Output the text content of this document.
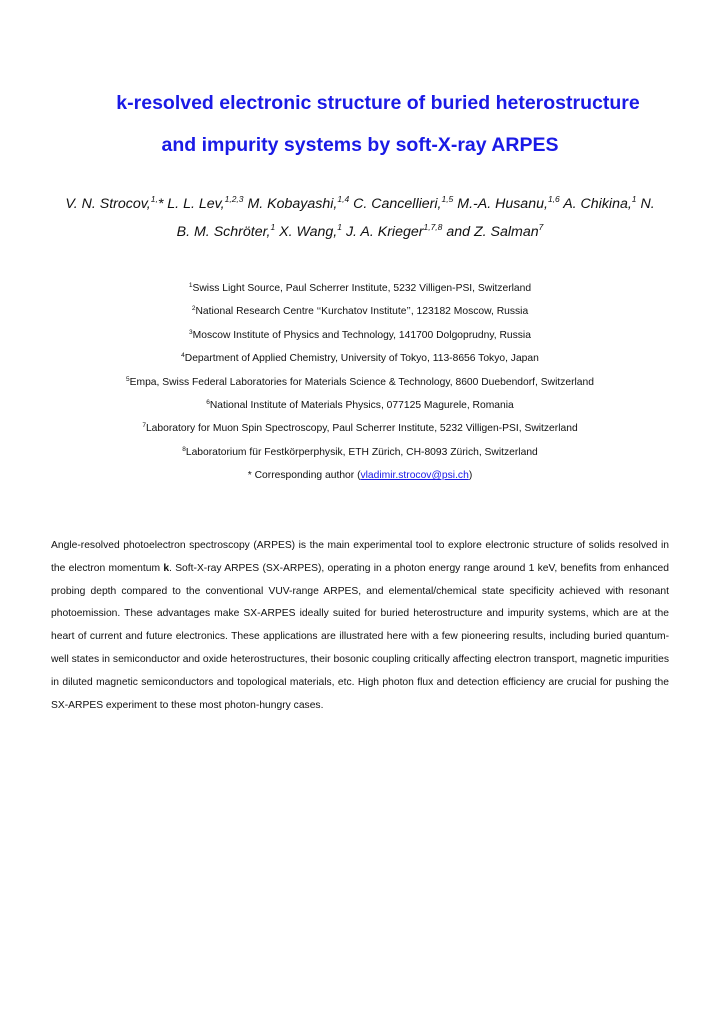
k-resolved electronic structure of buried heterostructure
and impurity systems by soft-X-ray ARPES
V. N. Strocov,$^{1,}$* L. L. Lev,$^{1,2,3}$ M. Kobayashi,$^{1,4}$ C. Cancellieri,$^{1,5}$ M.-A. Husanu,$^{1,6}$ A. Chikina,$^1$ N. B. M. Schröter,$^1$ X. Wang,$^1$ J. A. Krieger$^{1,7,8}$ and Z. Salman$^7$
$^1$Swiss Light Source, Paul Scherrer Institute, 5232 Villigen-PSI, Switzerland
$^2$National Research Centre ‘‘Kurchatov Institute’’, 123182 Moscow, Russia
$^3$Moscow Institute of Physics and Technology, 141700 Dolgoprudny, Russia
$^4$Department of Applied Chemistry, University of Tokyo, 113-8656 Tokyo, Japan
$^5$Empa, Swiss Federal Laboratories for Materials Science & Technology, 8600 Duebendorf, Switzerland
$^6$National Institute of Materials Physics, 077125 Magurele, Romania
$^7$Laboratory for Muon Spin Spectroscopy, Paul Scherrer Institute, 5232 Villigen-PSI, Switzerland
$^8$Laboratorium für Festkörperphysik, ETH Zürich, CH-8093 Zürich, Switzerland
* Corresponding author (vladimir.strocov@psi.ch)
Angle-resolved photoelectron spectroscopy (ARPES) is the main experimental tool to explore electronic structure of solids resolved in the electron momentum k. Soft-X-ray ARPES (SX-ARPES), operating in a photon energy range around 1 keV, benefits from enhanced probing depth compared to the conventional VUV-range ARPES, and elemental/chemical state specificity achieved with resonant photoemission. These advantages make SX-ARPES ideally suited for buried heterostructure and impurity systems, which are at the heart of current and future electronics. These applications are illustrated here with a few pioneering results, including buried quantum-well states in semiconductor and oxide heterostructures, their bosonic coupling critically affecting electron transport, magnetic impurities in diluted magnetic semiconductors and topological materials, etc. High photon flux and detection efficiency are crucial for pushing the SX-ARPES experiment to these most photon-hungry cases.
